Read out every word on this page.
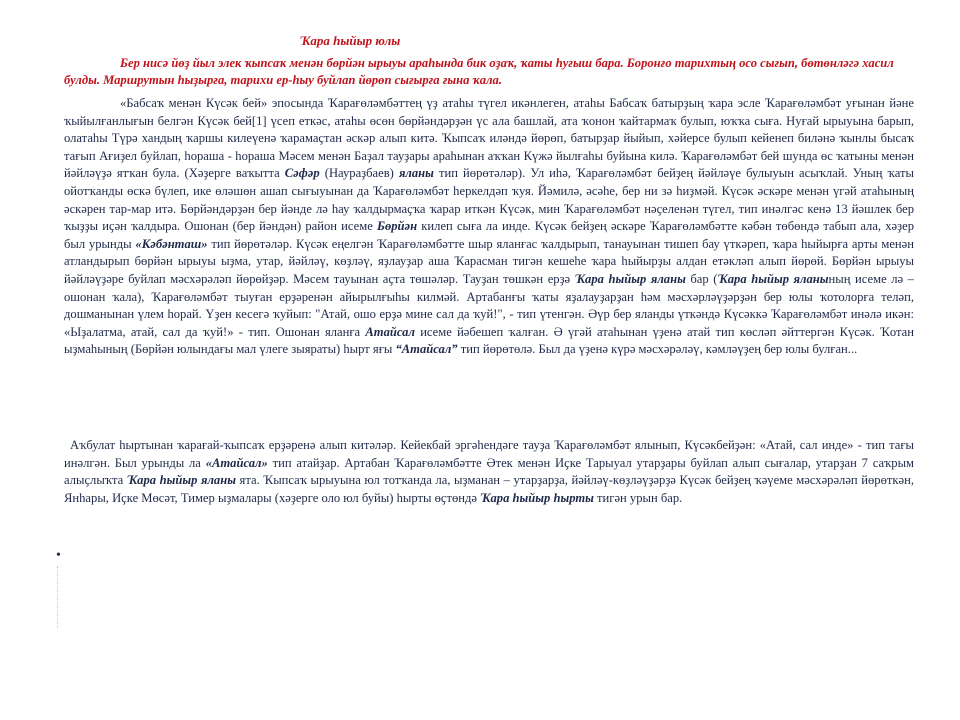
Ҡара һыйыр юлы

Бер нисә йөҙ йыл элек ҡыпсаҡ менән бөрйән ырыуы араһында бик оҙаҡ, ҡаты һуғыш бара. Боронғо тарихтың осо сығып, бөтөнләгә хасил булды. Маршрутын һыҙырға, тарихи ер-һыу буйлап йөрөп сығырға ғына ҡала.

«Бабсаҡ менән Күсәк бей» эпосында Ҡарағөләмбәттең үҙ атаһы түгел икәнлеген, атаһы Бабсаҡ батырҙың ҡара эсле Ҡарағөләмбәт уғынан йәне ҡыйылғанлығын белгән Күсәк бей[1] үсеп еткәс, атаһы өсөн бөрйәндәрҙән үс ала башлай, ата ҡонон ҡайтармаҡ булып, юҡҡа сыға. Нуғай ырыуына барып, олатаһы Түрә хандың ҡаршы килеүенә ҡарамаҫтан әскәр алып китә. Ҡыпсаҡ иләндә йөрөп, батырҙар йыйып, хәйерсе булып кейенеп биләнә ҡынлы бысаҡ тағып Ағиҙел буйлап, һораша - һораша Мәсем менән Баҙал тауҙары араһынан аҡҡан Күжә йылғаһы буйына килә. Ҡарағөләмбәт бей шунда өс ҡатыны менән йәйләүҙә ятҡан була. (Хәҙерге ваҡытта Сәфәр (Наураҙбаев) яланы тип йөрөтәләр). Ул иһә, Ҡарағөләмбәт бейҙең йәйләүе булыуын асыҡлай. Уның ҡаты ойотҡанды өскә бүлеп, ике өләшөн ашап сығыуынан да Ҡарағөләмбәт һеркелдәп ҡуя. Йәмилә, әсәһе, бер ни зә һиҙмәй. Күсәк әскәре менән үгәй атаһының әскәрен тар-мар итә. Бөрйәндәрҙән бер йәнде лә һау ҡалдырмаҫҡа ҡарар иткән Күсәк, мин Ҡарағөләмбәт нәҫеленән түгел, тип инәлгәс кенә 13 йәшлек бер ҡыҙҙы иҫән ҡалдыра. Ошонан (бер йәндән) район исеме Бөрйән килеп сыға ла инде. Күсәк бейҙең әскәре Ҡарағөләмбәтте кәбән төбөндә табып ала, хәҙер был урынды «Кәбәнташ» тип йөрөтәләр. Күсәк еңелгән Ҡарағөләмбәтте шыр яланғас ҡалдырып, танауынан тишеп бау үткәреп, ҡара һыйырға арты менән атландырып бөрйән ырыуы ыҙма, утар, йәйләү, көҙләү, яҙлауҙар аша Ҡарасман тигән кешеһе ҡара һыйырҙы алдан етәкләп алып йөрөй. Бөрйән ырыуы йәйләүҙәре буйлап мәсхәрәләп йөрөйҙәр. Мәсем тауынан аҫта төшәләр. Тауҙан төшкән ерҙә Ҡара һыйыр яланы бар (Ҡара һыйыр яланының исеме лә – ошонан ҡала), Ҡарағөләмбәт тыуған ерҙәренән айырылғыһы килмәй. Артабанғы ҡаты яҙалауҙарҙан һәм мәсхәрләүҙәрҙән бер юлы ҡотолорға теләп, дошманынан үлем һорай. Үҙен кесегә ҡуйып: "Атай, ошо ерҙә мине сал да ҡуй!", - тип үтенгән. Әүр бер яланды үткәндә Күсәккә Ҡарағөләмбәт инәлә икән: «Ыҙалатма, атай, сал да ҡуй!» - тип. Ошонан яланға Атайсал исеме йәбешеп ҡалған. Ә үгәй атаһынан үҙенә атай тип көсләп әйттергән Күсәк. Ҡотан ыҙмаһының (Бөрйән юлындағы мал үлеге зыяраты) һырт яғы “Атайсал” тип йөрөтөлә. Был да үҙенә күрә мәсхәрәләү, кәмләүҙең бер юлы булған...

Аҡбулат һыртынан ҡарағай-ҡыпсаҡ ерҙәренә алып китәләр. Кейекбай эргәһендәге тауҙа Ҡарағөләмбәт ялынып, Күсәкбейҙән: «Атай, сал инде» - тип тағы инәлгән. Был урынды ла «Атайсал» тип атайҙар. Артабан Ҡарағөләмбәтте Әтек менән Иҫке Тарыуал утарҙары буйлап алып сығалар, утарҙан 7 саҡрым алыҫлыҡта Ҡара һыйыр яланы ята. Ҡыпсаҡ ырыуына юл тотҡанда ла, ыҙманан – утарҙарҙа, йәйләү-көҙләүҙәрҙә Күсәк бейҙең ҡәүеме мәсхәрәләп йөрөткән, Янһары, Иҫке Мөсәт, Тимер ыҙмалары (хәҙерге оло юл буйы) һырты өҫтөндә Ҡара һыйыр һырты тигән урын бар.

•
